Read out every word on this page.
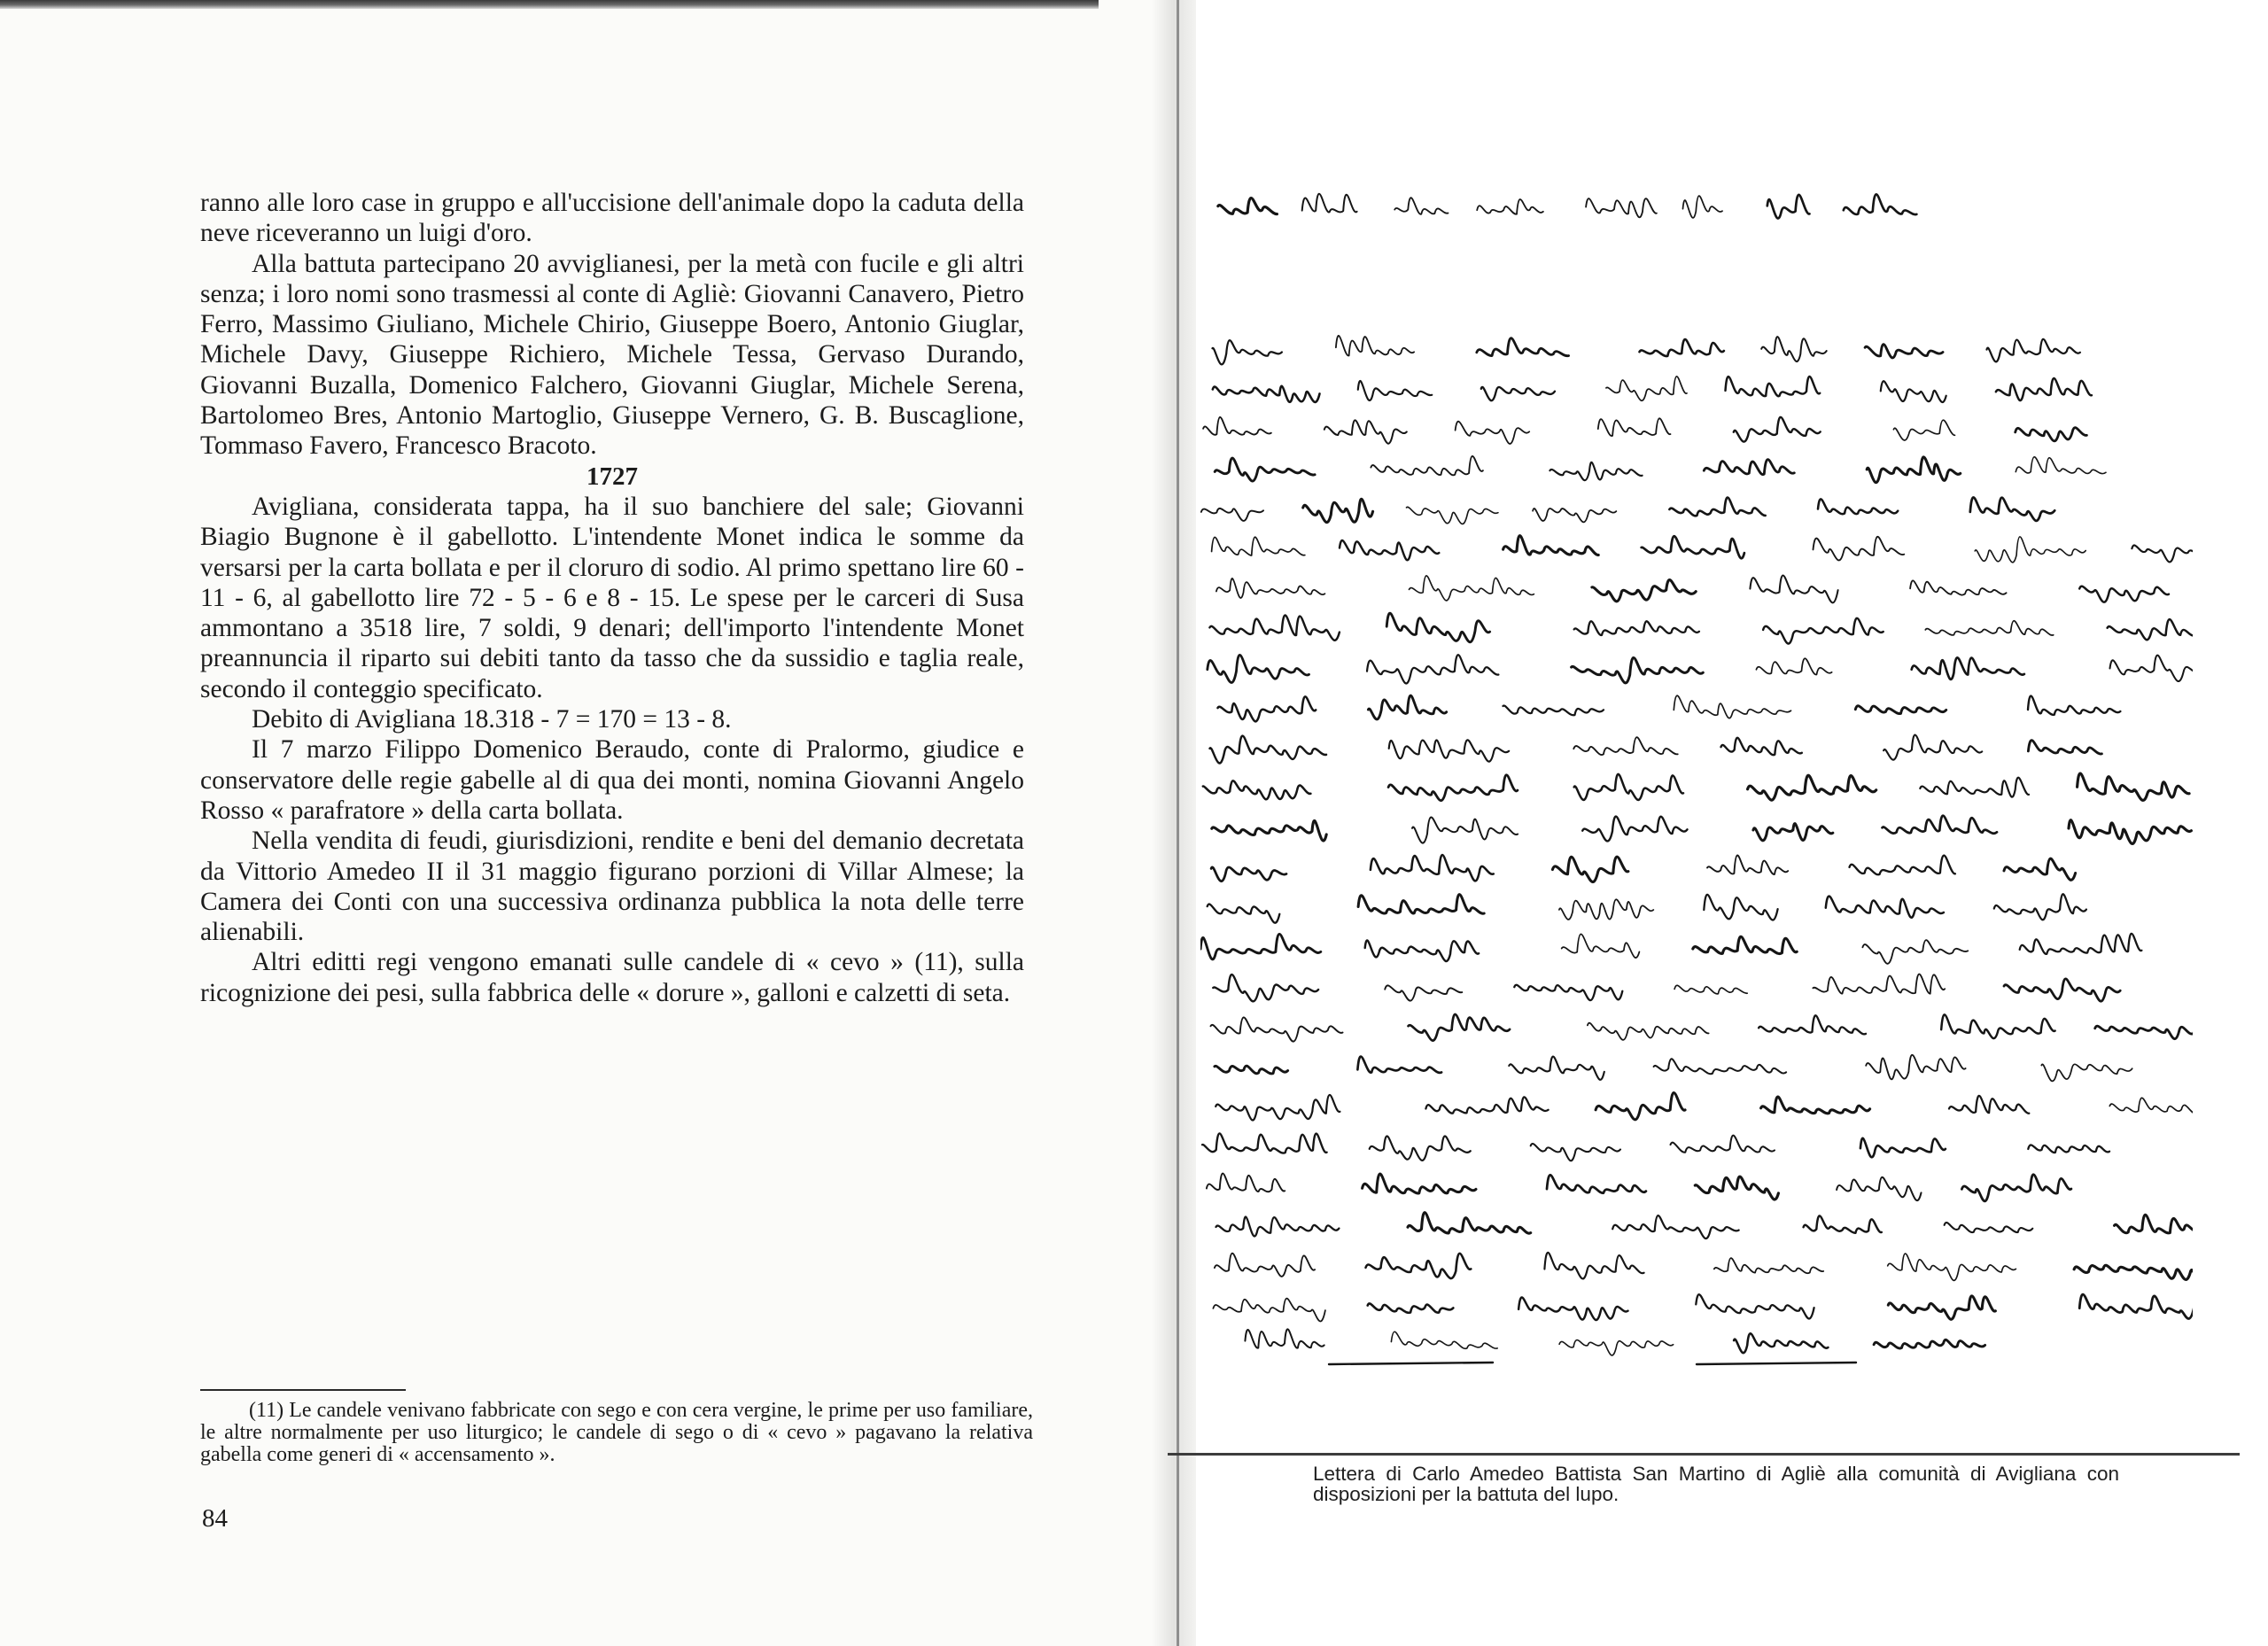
ranno alle loro case in gruppo e all'uccisione dell'animale dopo la caduta della neve riceveranno un luigi d'oro.

Alla battuta partecipano 20 avviglianesi, per la metà con fucile e gli altri senza; i loro nomi sono trasmessi al conte di Agliè: Giovanni Canavero, Pietro Ferro, Massimo Giuliano, Michele Chirio, Giuseppe Boero, Antonio Giuglar, Michele Davy, Giuseppe Richiero, Michele Tessa, Gervaso Durando, Giovanni Buzalla, Domenico Falchero, Giovanni Giuglar, Michele Serena, Bartolomeo Bres, Antonio Martoglio, Giuseppe Vernero, G. B. Buscaglione, Tommaso Favero, Francesco Bracoto.

1727

Avigliana, considerata tappa, ha il suo banchiere del sale; Giovanni Biagio Bugnone è il gabellotto. L'intendente Monet indica le somme da versarsi per la carta bollata e per il cloruro di sodio. Al primo spettano lire 60 - 11 - 6, al gabellotto lire 72 - 5 - 6 e 8 - 15. Le spese per le carceri di Susa ammontano a 3518 lire, 7 soldi, 9 denari; dell'importo l'intendente Monet preannuncia il riparto sui debiti tanto da tasso che da sussidio e taglia reale, secondo il conteggio specificato.

Debito di Avigliana 18.318 - 7 = 170 = 13 - 8.

Il 7 marzo Filippo Domenico Beraudo, conte di Pralormo, giudice e conservatore delle regie gabelle al di qua dei monti, nomina Giovanni Angelo Rosso « parafratore » della carta bollata.

Nella vendita di feudi, giurisdizioni, rendite e beni del demanio decretata da Vittorio Amedeo II il 31 maggio figurano porzioni di Villar Almese; la Camera dei Conti con una successiva ordinanza pubblica la nota delle terre alienabili.

Altri editti regi vengono emanati sulle candele di « cevo » (11), sulla ricognizione dei pesi, sulla fabbrica delle « dorure », galloni e calzetti di seta.

(11) Le candele venivano fabbricate con sego e con cera vergine, le prime per uso familiare, le altre normalmente per uso liturgico; le candele di sego o di « cevo » pagavano la relativa gabella come generi di « accensamento ».

84
Lettera di Carlo Amedeo Battista San Martino di Agliè alla comunità di Avigliana con disposizioni per la battuta del lupo.
